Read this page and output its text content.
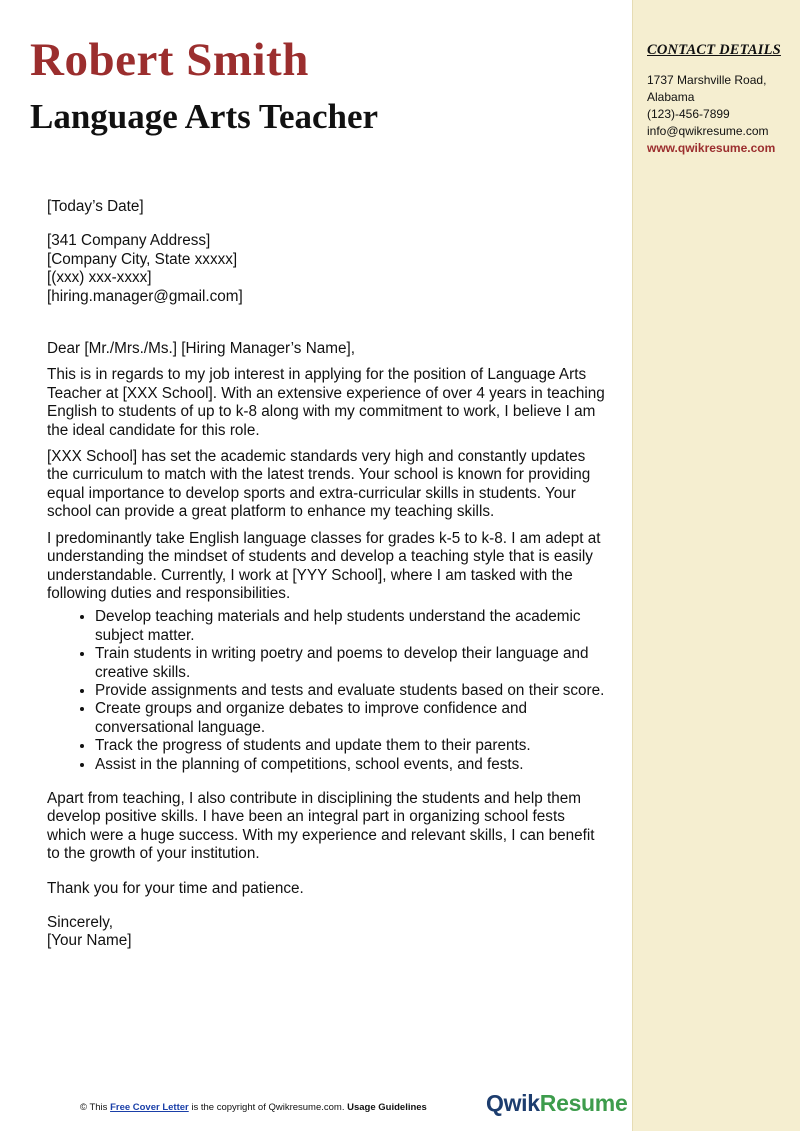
Robert Smith
Language Arts Teacher
CONTACT DETAILS
1737 Marshville Road,
Alabama
(123)-456-7899
info@qwikresume.com
www.qwikresume.com

[Today’s Date]

[341 Company Address]

[Company City, State xxxxx]

[(xxx) xxx-xxxx]

[hiring.manager@gmail.com]

Dear [Mr./Mrs./Ms.] [Hiring Manager’s Name],

This is in regards to my job interest in applying for the position of Language Arts Teacher at [XXX School]. With an extensive experience of over 4 years in teaching English to students of up to k-8 along with my commitment to work, I believe I am the ideal candidate for this role.

[XXX School] has set the academic standards very high and constantly updates the curriculum to match with the latest trends. Your school is known for providing equal importance to develop sports and extra-curricular skills in students. Your school can provide a great platform to enhance my teaching skills.

I predominantly take English language classes for grades k-5 to k-8. I am adept at understanding the mindset of students and develop a teaching style that is easily understandable. Currently, I work at [YYY School], where I am tasked with the following duties and responsibilities.

• Develop teaching materials and help students understand the academic subject matter.
• Train students in writing poetry and poems to develop their language and creative skills.
• Provide assignments and tests and evaluate students based on their score.
• Create groups and organize debates to improve confidence and conversational language.
• Track the progress of students and update them to their parents.
• Assist in the planning of competitions, school events, and fests.

Apart from teaching, I also contribute in disciplining the students and help them develop positive skills. I have been an integral part in organizing school fests which were a huge success. With my experience and relevant skills, I can benefit to the growth of your institution.

Thank you for your time and patience.

Sincerely,

[Your Name]

© This Free Cover Letter is the copyright of Qwikresume.com. Usage Guidelines	QwikResume
